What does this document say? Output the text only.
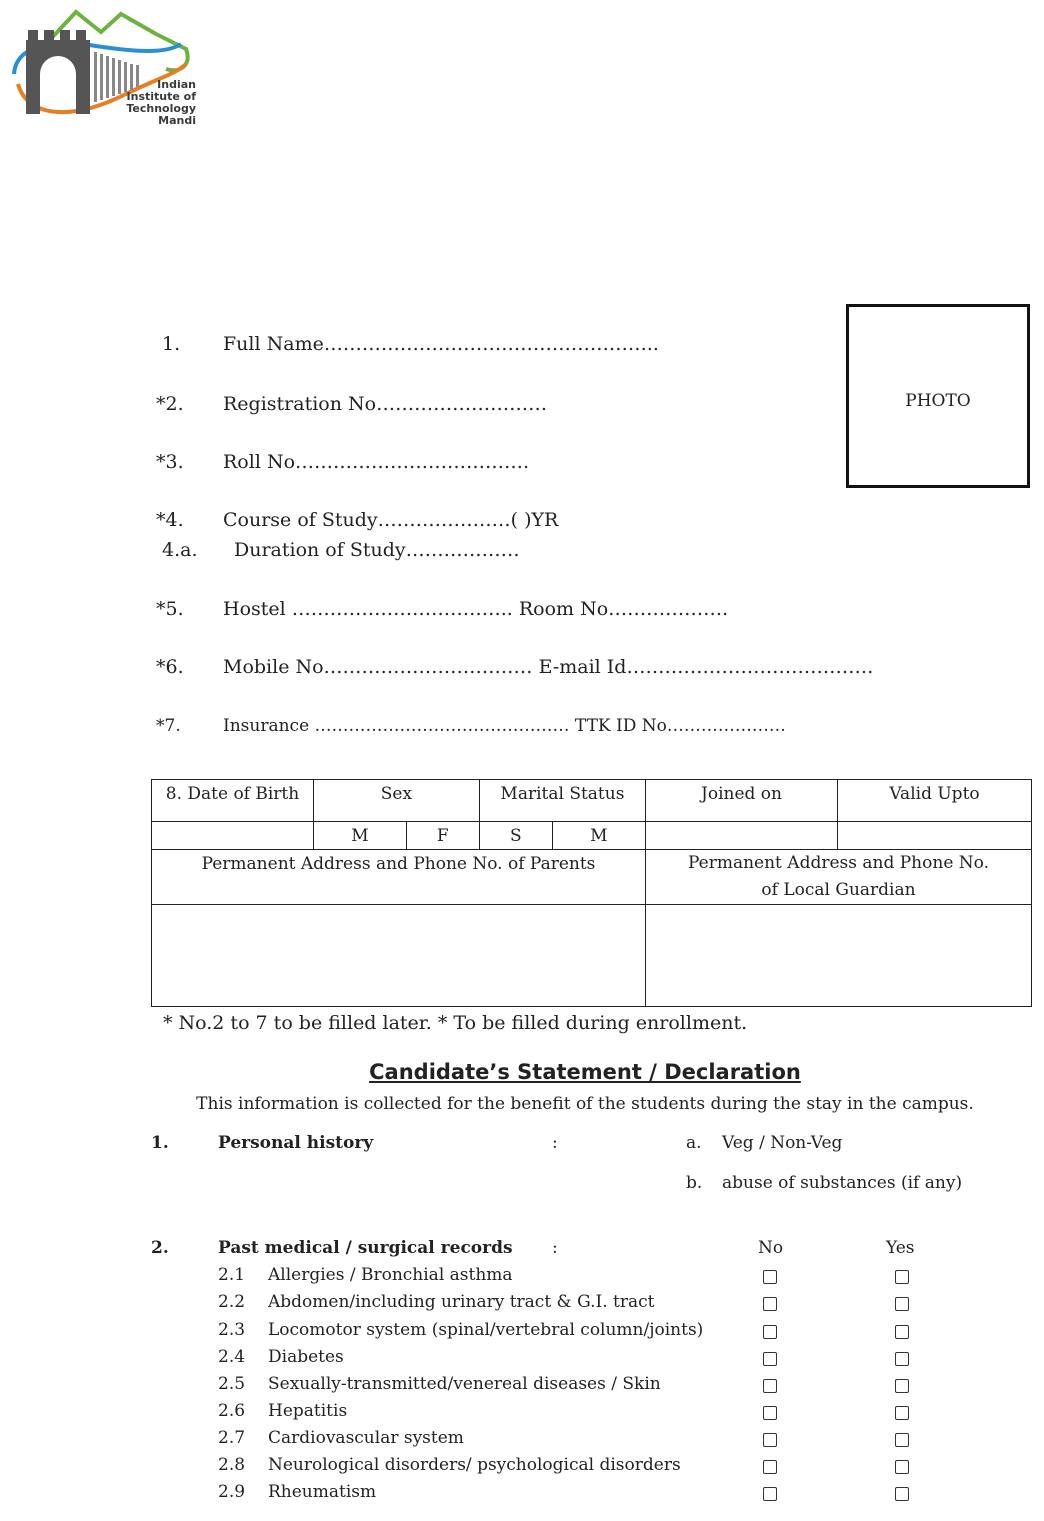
Indian
Institute of
Technology
Mandi
1. Full Name……………………………………………..
*2. Registration No………………………
*3. Roll No……………………………….
*4. Course of Study…………………( )YR
4.a. Duration of Study………………
*5. Hostel …………………………….. Room No……………….
*6. Mobile No…………………………… E-mail Id…………………………………
*7. Insurance ……………………………………… TTK ID No…………………
PHOTO
8. Date of Birth	Sex		Marital Status		Joined on	Valid Upto
	M	F	S	M		
Permanent Address and Phone No. of Parents					Permanent Address and Phone No.
of Local Guardian	

* No.2 to 7 to be filled later. * To be filled during enrollment.
Candidate’s Statement / Declaration
This information is collected for the benefit of the students during the stay in the campus.
1.	Personal history	:	a. Veg / Non-Veg
b. abuse of substances (if any)
2.	Past medical / surgical records :	No	Yes
2.1 Allergies / Bronchial asthma
2.2 Abdomen/including urinary tract & G.I. tract
2.3 Locomotor system (spinal/vertebral column/joints)
2.4 Diabetes
2.5 Sexually-transmitted/venereal diseases / Skin
2.6 Hepatitis
2.7 Cardiovascular system
2.8 Neurological disorders/ psychological disorders
2.9 Rheumatism
